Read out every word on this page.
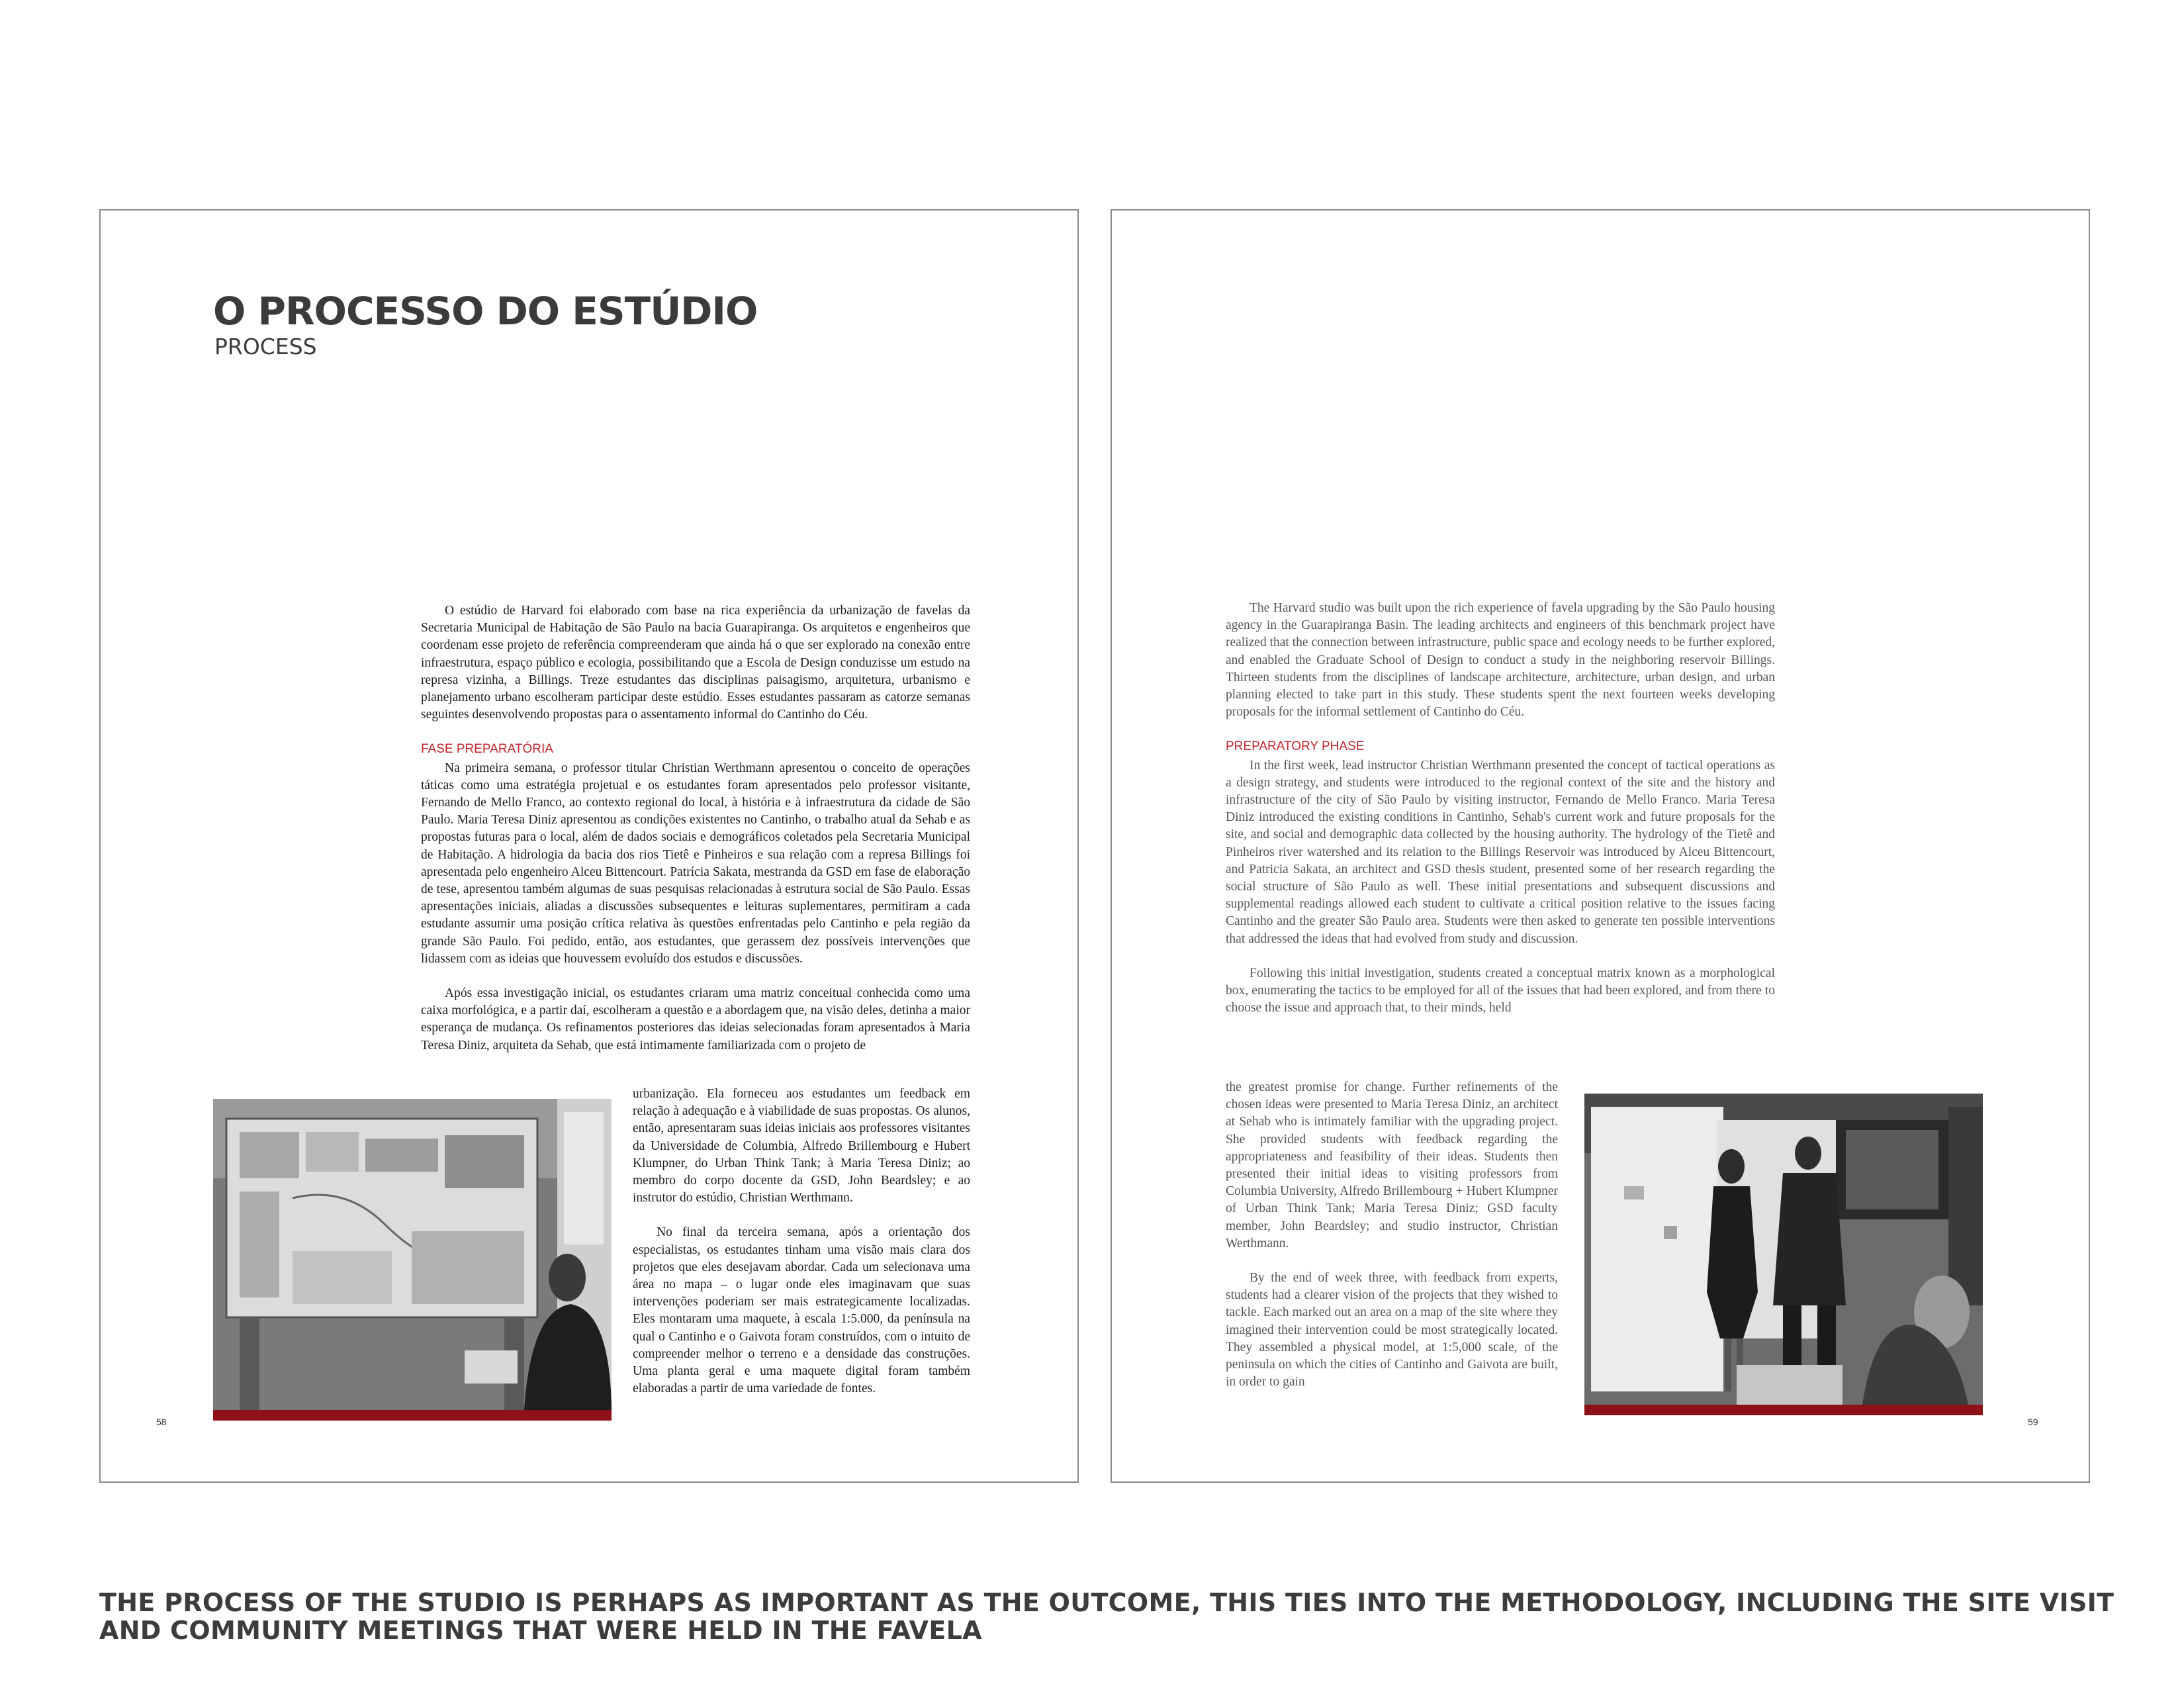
O PROCESSO DO ESTÚDIO
PROCESS

O estúdio de Harvard foi elaborado com base na rica experiência da urbanização de favelas da Secretaria Municipal de Habitação de São Paulo na bacia Guarapiranga. Os arquitetos e engenheiros que coordenam esse projeto de referência compreenderam que ainda há o que ser explorado na conexão entre infraestrutura, espaço público e ecologia, possibilitando que a Escola de Design conduzisse um estudo na represa vizinha, a Billings. Treze estudantes das disciplinas paisagismo, arquitetura, urbanismo e planejamento urbano escolheram participar deste estúdio. Esses estudantes passaram as catorze semanas seguintes desenvolvendo propostas para o assentamento informal do Cantinho do Céu.

FASE PREPARATÓRIA

Na primeira semana, o professor titular Christian Werthmann apresentou o conceito de operações táticas como uma estratégia projetual e os estudantes foram apresentados pelo professor visitante, Fernando de Mello Franco, ao contexto regional do local, à história e à infraestrutura da cidade de São Paulo. Maria Teresa Diniz apresentou as condições existentes no Cantinho, o trabalho atual da Sehab e as propostas futuras para o local, além de dados sociais e demográficos coletados pela Secretaria Municipal de Habitação. A hidrologia da bacia dos rios Tietê e Pinheiros e sua relação com a represa Billings foi apresentada pelo engenheiro Alceu Bittencourt. Patrícia Sakata, mestranda da GSD em fase de elaboração de tese, apresentou também algumas de suas pesquisas relacionadas à estrutura social de São Paulo. Essas apresentações iniciais, aliadas a discussões subsequentes e leituras suplementares, permitiram a cada estudante assumir uma posição crítica relativa às questões enfrentadas pelo Cantinho e pela região da grande São Paulo. Foi pedido, então, aos estudantes, que gerassem dez possíveis intervenções que lidassem com as ideias que houvessem evoluído dos estudos e discussões.

Após essa investigação inicial, os estudantes criaram uma matriz conceitual conhecida como uma caixa morfológica, e a partir daí, escolheram a questão e a abordagem que, na visão deles, detinha a maior esperança de mudança. Os refinamentos posteriores das ideias selecionadas foram apresentados à Maria Teresa Diniz, arquiteta da Sehab, que está intimamente familiarizada com o projeto de

urbanização. Ela forneceu aos estudantes um feedback em relação à adequação e à viabilidade de suas propostas. Os alunos, então, apresentaram suas ideias iniciais aos professores visitantes da Universidade de Columbia, Alfredo Brillembourg e Hubert Klumpner, do Urban Think Tank; à Maria Teresa Diniz; ao membro do corpo docente da GSD, John Beardsley; e ao instrutor do estúdio, Christian Werthmann.

No final da terceira semana, após a orientação dos especialistas, os estudantes tinham uma visão mais clara dos projetos que eles desejavam abordar. Cada um selecionava uma área no mapa – o lugar onde eles imaginavam que suas intervenções poderiam ser mais estrategicamente localizadas. Eles montaram uma maquete, à escala 1:5.000, da península na qual o Cantinho e o Gaivota foram construídos, com o intuito de compreender melhor o terreno e a densidade das construções. Uma planta geral e uma maquete digital foram também elaboradas a partir de uma variedade de fontes.

6.01
58

The Harvard studio was built upon the rich experience of favela upgrading by the São Paulo housing agency in the Guarapiranga Basin. The leading architects and engineers of this benchmark project have realized that the connection between infrastructure, public space and ecology needs to be further explored, and enabled the Graduate School of Design to conduct a study in the neighboring reservoir Billings. Thirteen students from the disciplines of landscape architecture, architecture, urban design, and urban planning elected to take part in this study. These students spent the next fourteen weeks developing proposals for the informal settlement of Cantinho do Céu.

PREPARATORY PHASE

In the first week, lead instructor Christian Werthmann presented the concept of tactical operations as a design strategy, and students were introduced to the regional context of the site and the history and infrastructure of the city of São Paulo by visiting instructor, Fernando de Mello Franco. Maria Teresa Diniz introduced the existing conditions in Cantinho, Sehab's current work and future proposals for the site, and social and demographic data collected by the housing authority. The hydrology of the Tietê and Pinheiros river watershed and its relation to the Billings Reservoir was introduced by Alceu Bittencourt, and Patricia Sakata, an architect and GSD thesis student, presented some of her research regarding the social structure of São Paulo as well. These initial presentations and subsequent discussions and supplemental readings allowed each student to cultivate a critical position relative to the issues facing Cantinho and the greater São Paulo area. Students were then asked to generate ten possible interventions that addressed the ideas that had evolved from study and discussion.

Following this initial investigation, students created a conceptual matrix known as a morphological box, enumerating the tactics to be employed for all of the issues that had been explored, and from there to choose the issue and approach that, to their minds, held

the greatest promise for change. Further refinements of the chosen ideas were presented to Maria Teresa Diniz, an architect at Sehab who is intimately familiar with the upgrading project. She provided students with feedback regarding the appropriateness and feasibility of their ideas. Students then presented their initial ideas to visiting professors from Columbia University, Alfredo Brillembourg + Hubert Klumpner of Urban Think Tank; Maria Teresa Diniz; GSD faculty member, John Beardsley; and studio instructor, Christian Werthmann.

By the end of week three, with feedback from experts, students had a clearer vision of the projects that they wished to tackle. Each marked out an area on a map of the site where they imagined their intervention could be most strategically located. They assembled a physical model, at 1:5,000 scale, of the peninsula on which the cities of Cantinho and Gaivota are built, in order to gain

6.02
59
THE PROCESS OF THE STUDIO IS PERHAPS AS IMPORTANT AS THE OUTCOME, THIS TIES INTO THE METHODOLOGY, INCLUDING THE SITE VISIT AND COMMUNITY MEETINGS THAT WERE HELD IN THE FAVELA
